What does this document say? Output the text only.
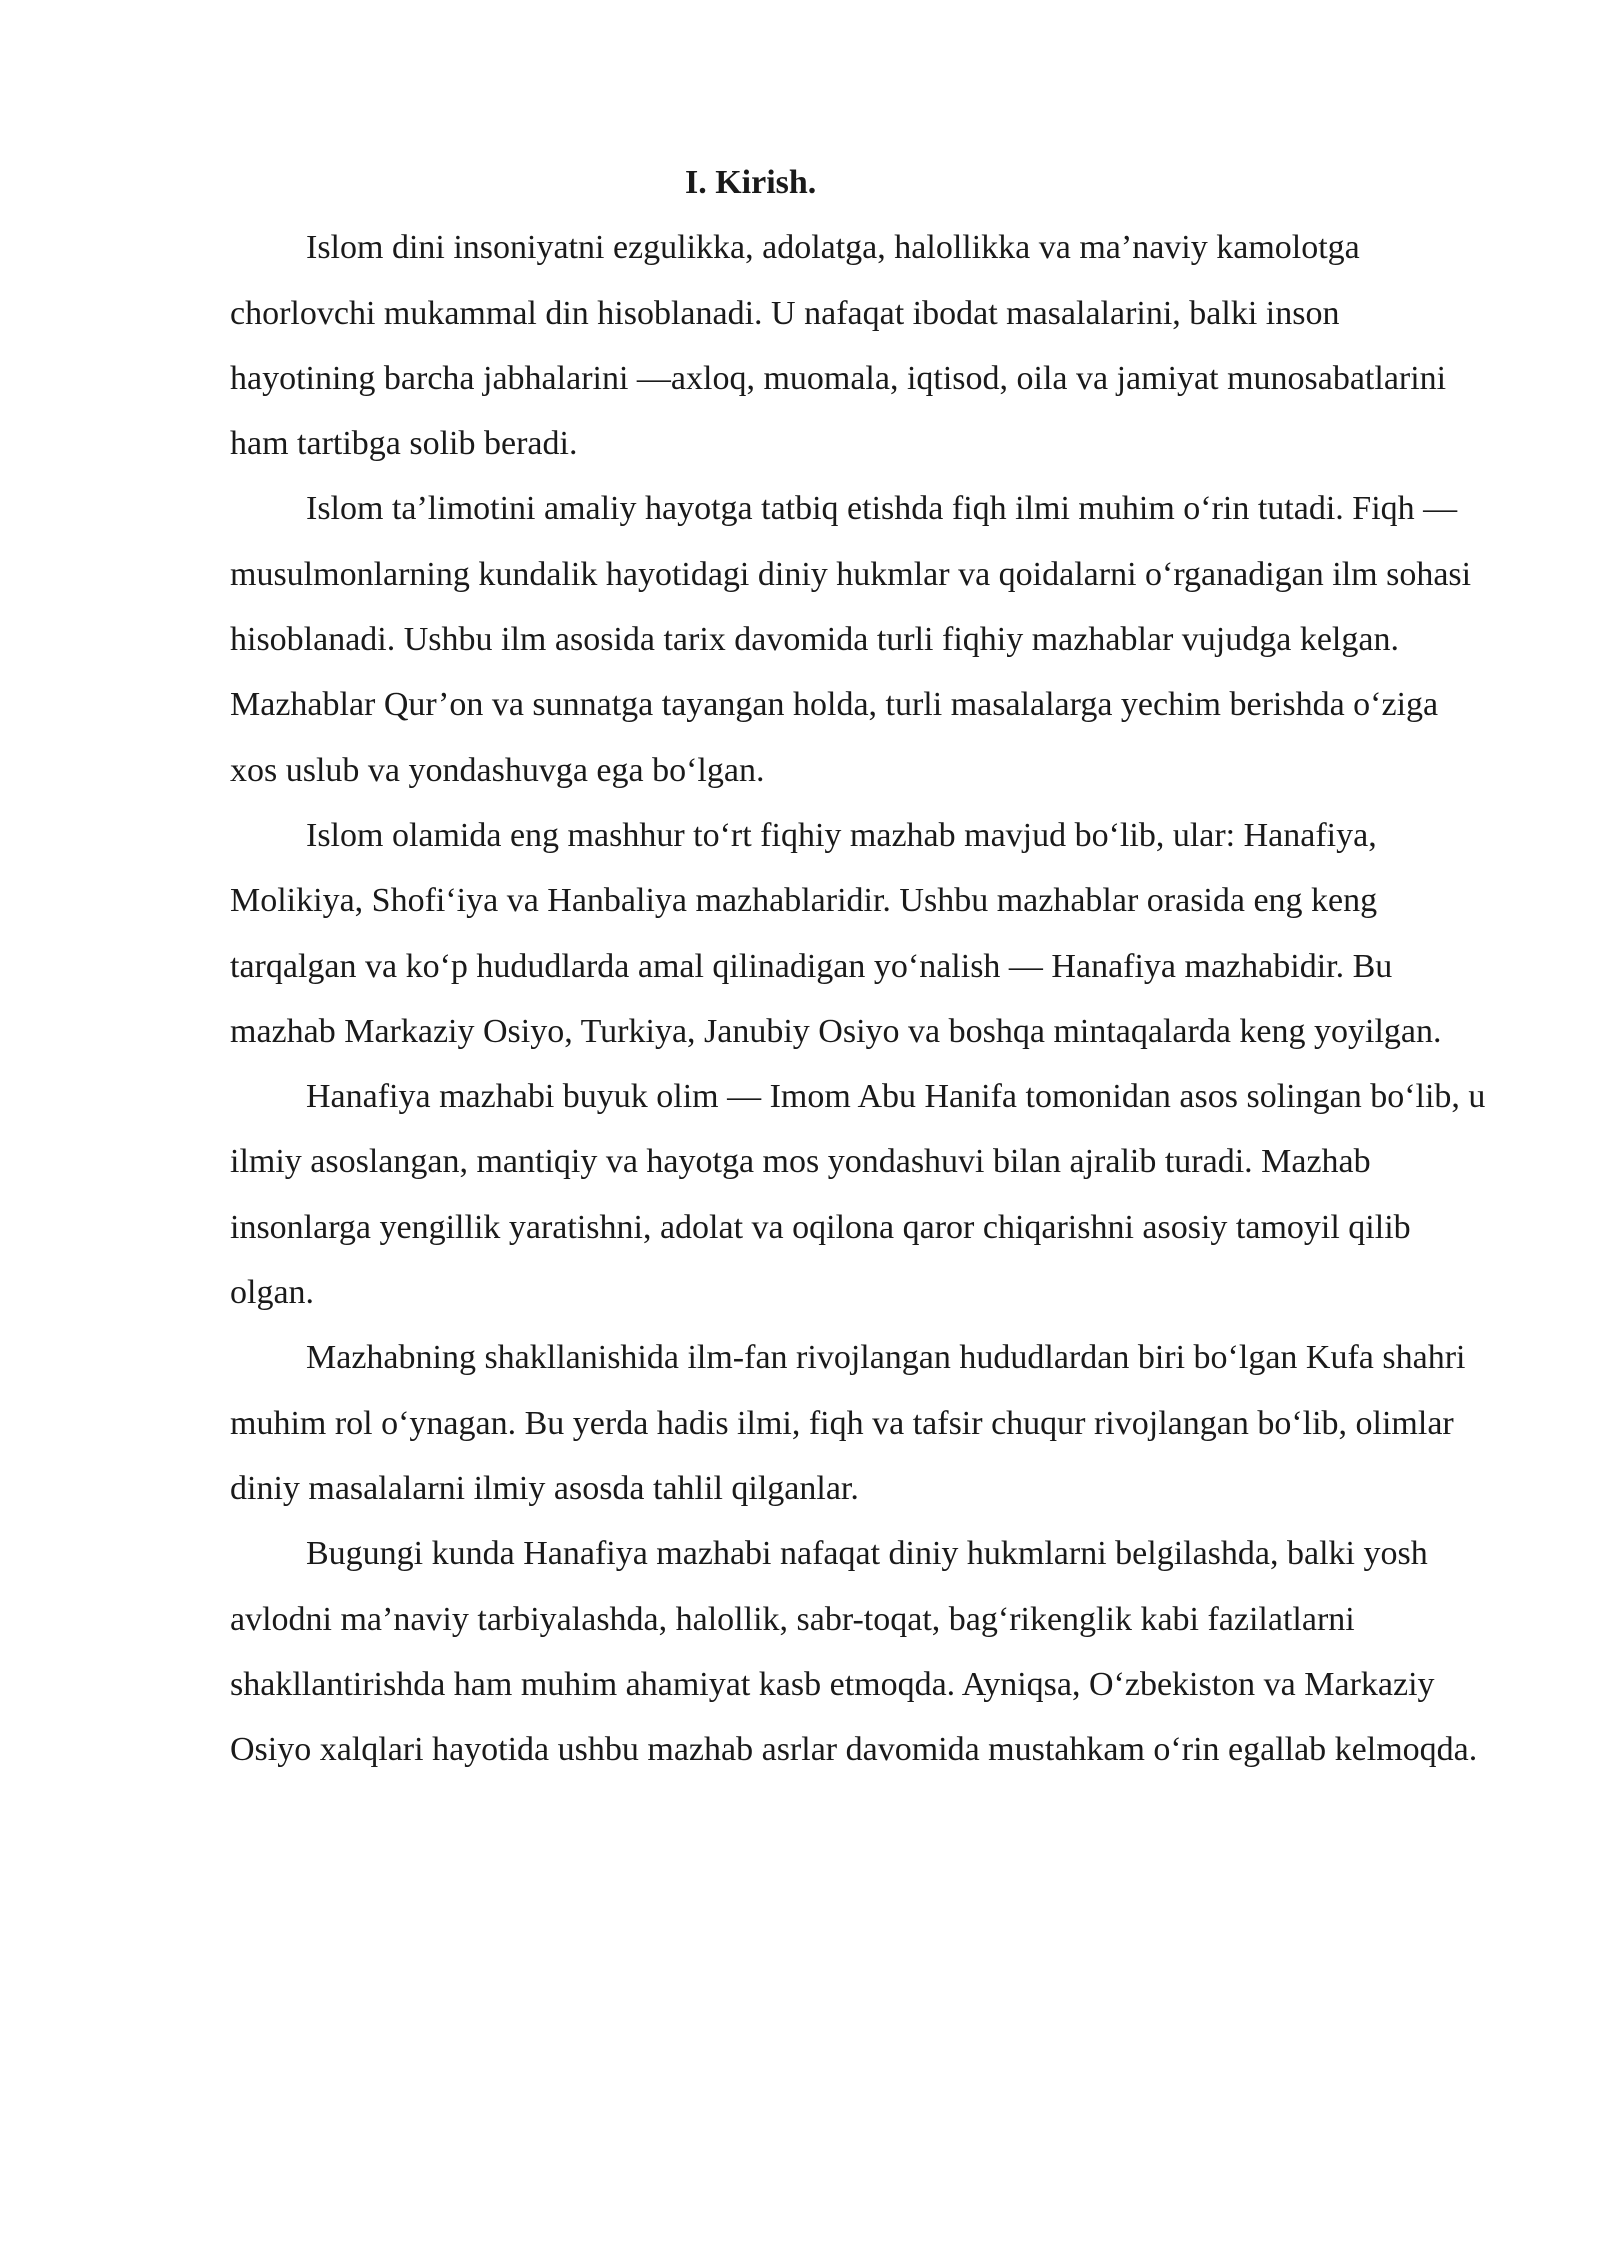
I. Kirish.

Islom dini insoniyatni ezgulikka, adolatga, halollikka va ma’naviy kamolotga chorlovchi mukammal din hisoblanadi. U nafaqat ibodat masalalarini, balki inson hayotining barcha jabhalarini —axloq, muomala, iqtisod, oila va jamiyat munosabatlarini ham tartibga solib beradi.

Islom ta’limotini amaliy hayotga tatbiq etishda fiqh ilmi muhim oʻrin tutadi. Fiqh — musulmonlarning kundalik hayotidagi diniy hukmlar va qoidalarni oʻrganadigan ilm sohasi hisoblanadi. Ushbu ilm asosida tarix davomida turli fiqhiy mazhablar vujudga kelgan. Mazhablar Qur’on va sunnatga tayangan holda, turli masalalarga yechim berishda oʻziga xos uslub va yondashuvga ega boʻlgan.

Islom olamida eng mashhur toʻrt fiqhiy mazhab mavjud boʻlib, ular: Hanafiya, Molikiya, Shofiʻiya va Hanbaliya mazhablaridir. Ushbu mazhablar orasida eng keng tarqalgan va koʻp hududlarda amal qilinadigan yoʻnalish — Hanafiya mazhabidir. Bu mazhab Markaziy Osiyo, Turkiya, Janubiy Osiyo va boshqa mintaqalarda keng yoyilgan.

Hanafiya mazhabi buyuk olim — Imom Abu Hanifa tomonidan asos solingan boʻlib, u ilmiy asoslangan, mantiqiy va hayotga mos yondashuvi bilan ajralib turadi. Mazhab insonlarga yengillik yaratishni, adolat va oqilona qaror chiqarishni asosiy tamoyil qilib olgan.

Mazhabning shakllanishida ilm-fan rivojlangan hududlardan biri boʻlgan Kufa shahri muhim rol oʻynagan. Bu yerda hadis ilmi, fiqh va tafsir chuqur rivojlangan boʻlib, olimlar diniy masalalarni ilmiy asosda tahlil qilganlar.

Bugungi kunda Hanafiya mazhabi nafaqat diniy hukmlarni belgilashda, balki yosh avlodni ma’naviy tarbiyalashda, halollik, sabr-toqat, bagʻrikenglik kabi fazilatlarni shakllantirishda ham muhim ahamiyat kasb etmoqda. Ayniqsa, Oʻzbekiston va Markaziy Osiyo xalqlari hayotida ushbu mazhab asrlar davomida mustahkam oʻrin egallab kelmoqda.
